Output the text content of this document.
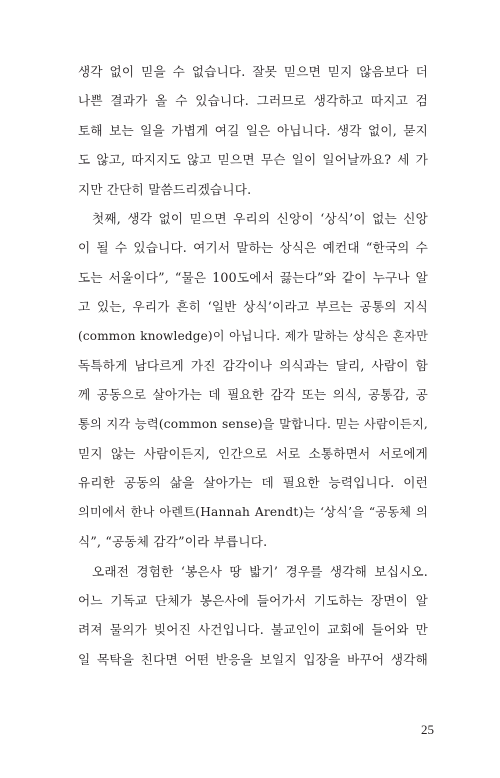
생각 없이 믿을 수 없습니다. 잘못 믿으면 믿지 않음보다 더
나쁜 결과가 올 수 있습니다. 그러므로 생각하고 따지고 검
토해 보는 일을 가볍게 여길 일은 아닙니다. 생각 없이, 묻지
도 않고, 따지지도 않고 믿으면 무슨 일이 일어날까요? 세 가
지만 간단히 말씀드리겠습니다.
첫째, 생각 없이 믿으면 우리의 신앙이 ‘상식’이 없는 신앙
이 될 수 있습니다. 여기서 말하는 상식은 예컨대 “한국의 수
도는 서울이다”, “물은 100도에서 끓는다”와 같이 누구나 알
고 있는, 우리가 흔히 ‘일반 상식’이라고 부르는 공통의 지식
(common knowledge)이 아닙니다. 제가 말하는 상식은 혼자만
독특하게 남다르게 가진 감각이나 의식과는 달리, 사람이 함
께 공동으로 살아가는 데 필요한 감각 또는 의식, 공통감, 공
통의 지각 능력(common sense)을 말합니다. 믿는 사람이든지,
믿지 않는 사람이든지, 인간으로 서로 소통하면서 서로에게
유리한 공동의 삶을 살아가는 데 필요한 능력입니다. 이런
의미에서 한나 아렌트(Hannah Arendt)는 ‘상식’을 “공동체 의
식”, “공동체 감각”이라 부릅니다.
오래전 경험한 ‘봉은사 땅 밟기’ 경우를 생각해 보십시오.
어느 기독교 단체가 봉은사에 들어가서 기도하는 장면이 알
려져 물의가 빚어진 사건입니다. 불교인이 교회에 들어와 만
일 목탁을 친다면 어떤 반응을 보일지 입장을 바꾸어 생각해
25
